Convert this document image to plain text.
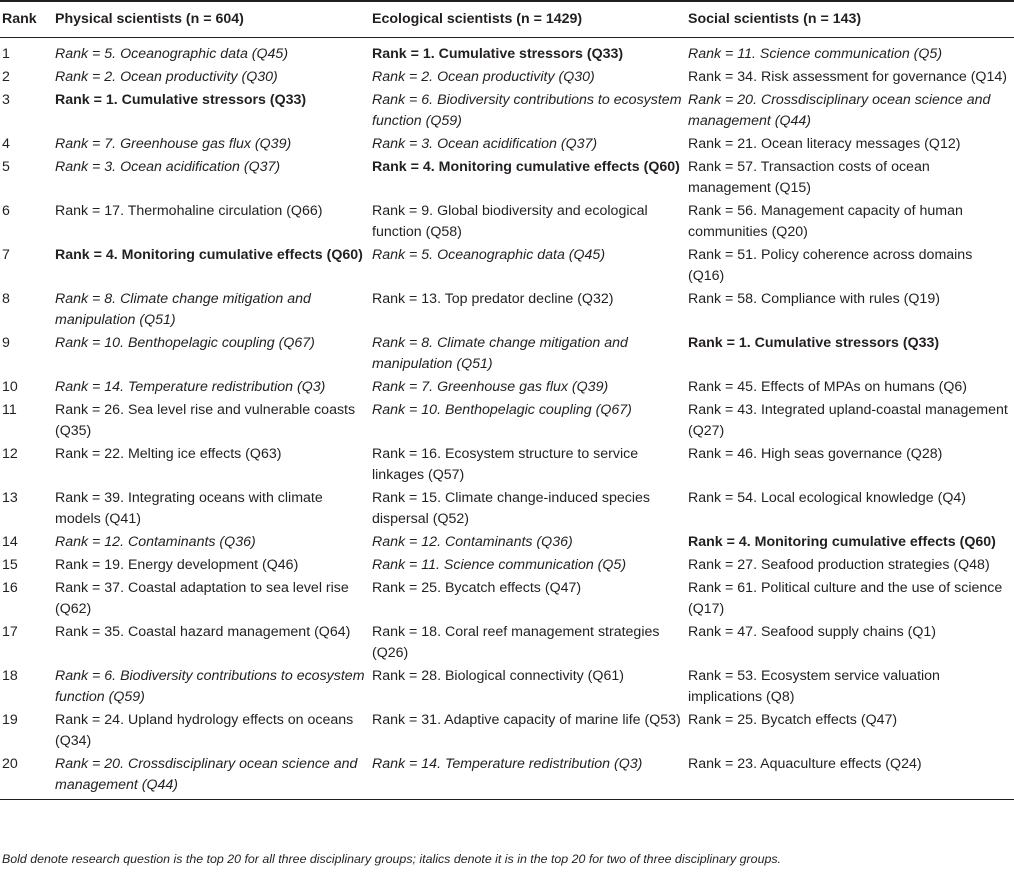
Rank	Physical scientists (n = 604)	Ecological scientists (n = 1429)	Social scientists (n = 143)
1	Rank = 5. Oceanographic data (Q45)	Rank = 1. Cumulative stressors (Q33)	Rank = 11. Science communication (Q5)
2	Rank = 2. Ocean productivity (Q30)	Rank = 2. Ocean productivity (Q30)	Rank = 34. Risk assessment for governance (Q14)
3	Rank = 1. Cumulative stressors (Q33)	Rank = 6. Biodiversity contributions to ecosystem function (Q59)	Rank = 20. Crossdisciplinary ocean science and management (Q44)
4	Rank = 7. Greenhouse gas flux (Q39)	Rank = 3. Ocean acidification (Q37)	Rank = 21. Ocean literacy messages (Q12)
5	Rank = 3. Ocean acidification (Q37)	Rank = 4. Monitoring cumulative effects (Q60)	Rank = 57. Transaction costs of ocean management (Q15)
6	Rank = 17. Thermohaline circulation (Q66)	Rank = 9. Global biodiversity and ecological function (Q58)	Rank = 56. Management capacity of human communities (Q20)
7	Rank = 4. Monitoring cumulative effects (Q60)	Rank = 5. Oceanographic data (Q45)	Rank = 51. Policy coherence across domains (Q16)
8	Rank = 8. Climate change mitigation and manipulation (Q51)	Rank = 13. Top predator decline (Q32)	Rank = 58. Compliance with rules (Q19)
9	Rank = 10. Benthopelagic coupling (Q67)	Rank = 8. Climate change mitigation and manipulation (Q51)	Rank = 1. Cumulative stressors (Q33)
10	Rank = 14. Temperature redistribution (Q3)	Rank = 7. Greenhouse gas flux (Q39)	Rank = 45. Effects of MPAs on humans (Q6)
11	Rank = 26. Sea level rise and vulnerable coasts (Q35)	Rank = 10. Benthopelagic coupling (Q67)	Rank = 43. Integrated upland-coastal management (Q27)
12	Rank = 22. Melting ice effects (Q63)	Rank = 16. Ecosystem structure to service linkages (Q57)	Rank = 46. High seas governance (Q28)
13	Rank = 39. Integrating oceans with climate models (Q41)	Rank = 15. Climate change-induced species dispersal (Q52)	Rank = 54. Local ecological knowledge (Q4)
14	Rank = 12. Contaminants (Q36)	Rank = 12. Contaminants (Q36)	Rank = 4. Monitoring cumulative effects (Q60)
15	Rank = 19. Energy development (Q46)	Rank = 11. Science communication (Q5)	Rank = 27. Seafood production strategies (Q48)
16	Rank = 37. Coastal adaptation to sea level rise (Q62)	Rank = 25. Bycatch effects (Q47)	Rank = 61. Political culture and the use of science (Q17)
17	Rank = 35. Coastal hazard management (Q64)	Rank = 18. Coral reef management strategies (Q26)	Rank = 47. Seafood supply chains (Q1)
18	Rank = 6. Biodiversity contributions to ecosystem function (Q59)	Rank = 28. Biological connectivity (Q61)	Rank = 53. Ecosystem service valuation implications (Q8)
19	Rank = 24. Upland hydrology effects on oceans (Q34)	Rank = 31. Adaptive capacity of marine life (Q53)	Rank = 25. Bycatch effects (Q47)
20	Rank = 20. Crossdisciplinary ocean science and management (Q44)	Rank = 14. Temperature redistribution (Q3)	Rank = 23. Aquaculture effects (Q24)
Bold denote research question is the top 20 for all three disciplinary groups; italics denote it is in the top 20 for two of three disciplinary groups.
